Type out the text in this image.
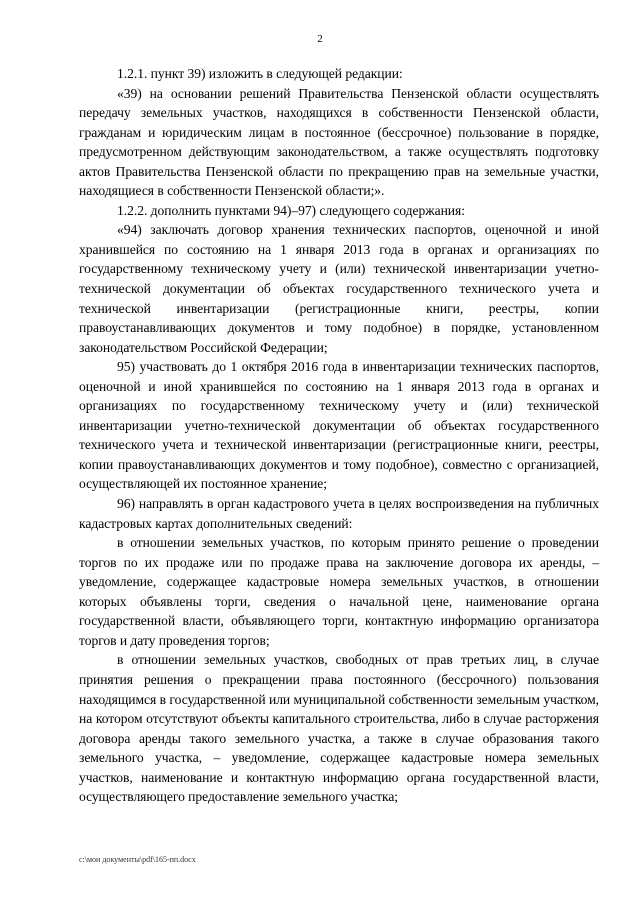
2

1.2.1. пункт 39) изложить в следующей редакции:

«39) на основании решений Правительства Пензенской области осуществлять передачу земельных участков, находящихся в собственности Пензенской области, гражданам и юридическим лицам в постоянное (бессрочное) пользование в порядке, предусмотренном действующим законодательством, а также осуществлять подготовку актов Правительства Пензенской области по прекращению прав на земельные участки, находящиеся в собственности Пензенской области;».

1.2.2. дополнить пунктами 94)–97) следующего содержания:

«94) заключать договор хранения технических паспортов, оценочной и иной хранившейся по состоянию на 1 января 2013 года в органах и организациях по государственному техническому учету и (или) технической инвентаризации учетно-технической документации об объектах государственного технического учета и технической инвентаризации (регистрационные книги, реестры, копии правоустанавливающих документов и тому подобное) в порядке, установленном законодательством Российской Федерации;

95) участвовать до 1 октября 2016 года в инвентаризации технических паспортов, оценочной и иной хранившейся по состоянию на 1 января 2013 года в органах и организациях по государственному техническому учету и (или) технической инвентаризации учетно-технической документации об объектах государственного технического учета и технической инвентаризации (регистрационные книги, реестры, копии правоустанавливающих документов и тому подобное), совместно с организацией, осуществляющей их постоянное хранение;

96) направлять в орган кадастрового учета в целях воспроизведения на публичных кадастровых картах дополнительных сведений:

в отношении земельных участков, по которым принято решение о проведении торгов по их продаже или по продаже права на заключение договора их аренды, – уведомление, содержащее кадастровые номера земельных участков, в отношении которых объявлены торги, сведения о начальной цене, наименование органа государственной власти, объявляющего торги, контактную информацию организатора торгов и дату проведения торгов;

в отношении земельных участков, свободных от прав третьих лиц, в случае принятия решения о прекращении права постоянного (бессрочного) пользования находящимся в государственной или муниципальной собственности земельным участком, на котором отсутствуют объекты капитального строительства, либо в случае расторжения договора аренды такого земельного участка, а также в случае образования такого земельного участка, – уведомление, содержащее кадастровые номера земельных участков, наименование и контактную информацию органа государственной власти, осуществляющего предоставление земельного участка;

c:\мои документы\pdf\165-пп.docx
